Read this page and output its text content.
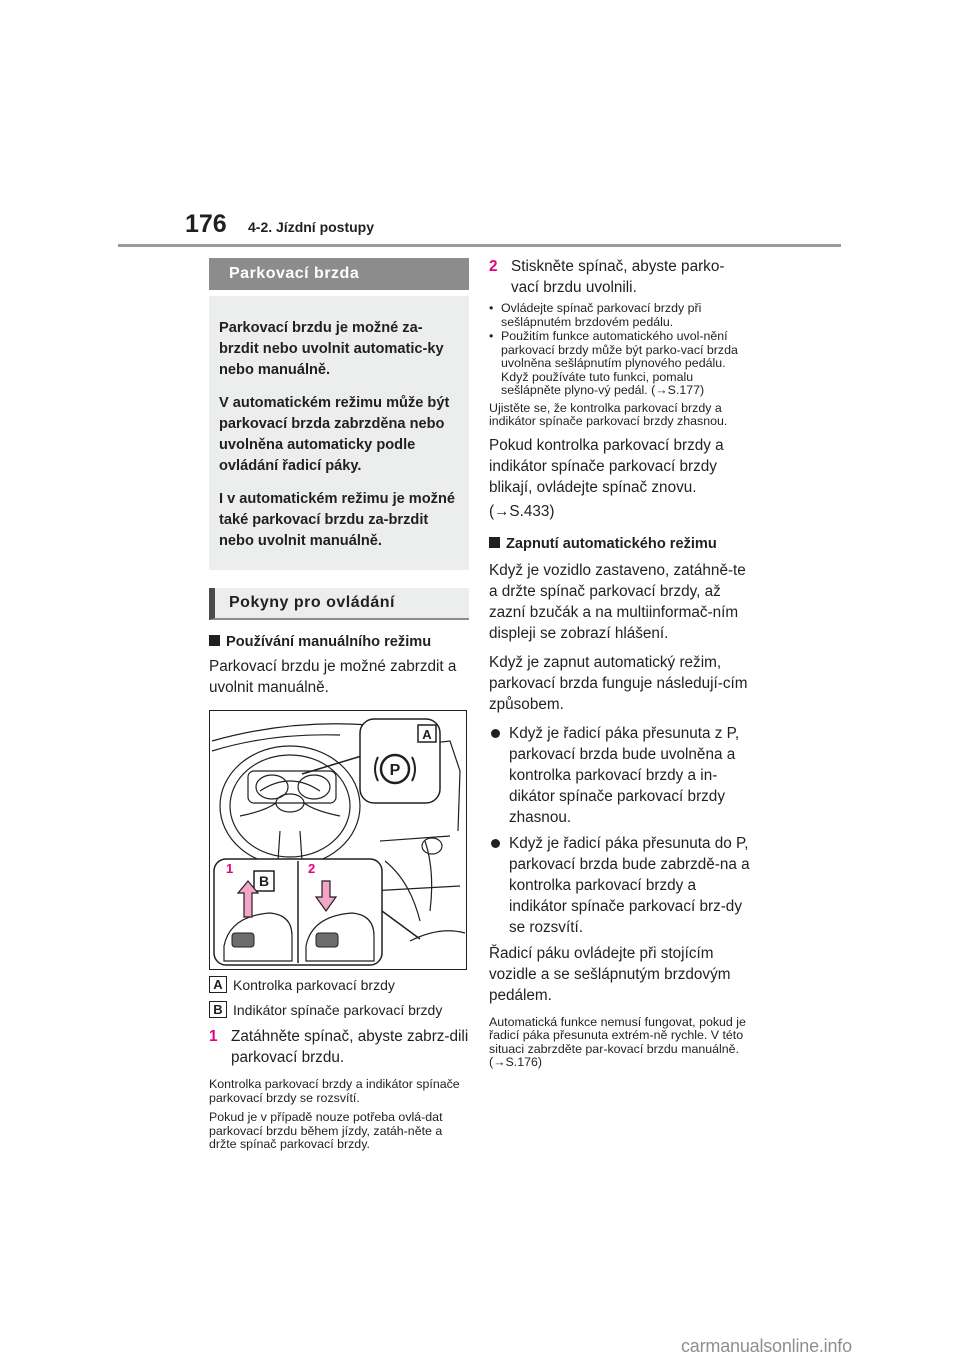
176 4-2. Jízdní postupy
Parkovací brzda

Parkovací brzdu je možné za-brzdit nebo uvolnit automatic-ky nebo manuálně.

V automatickém režimu může být parkovací brzda zabrzděna nebo uvolněna automaticky podle ovládání řadicí páky.

I v automatickém režimu je možné také parkovací brzdu za-brzdit nebo uvolnit manuálně.

Pokyny pro ovládání
Používání manuálního režimu
Parkovací brzdu je možné zabrzdit a uvolnit manuálně.
A
P
1	2
B
A Kontrolka parkovací brzdy
B Indikátor spínače parkovací brzdy
1 Zatáhněte spínač, abyste zabrz-dili parkovací brzdu.
Kontrolka parkovací brzdy a indikátor spínače parkovací brzdy se rozsvítí.
Pokud je v případě nouze potřeba ovlá-dat parkovací brzdu během jízdy, zatáh-něte a držte spínač parkovací brzdy.
2 Stiskněte spínač, abyste parko-vací brzdu uvolnili.
• Ovládejte spínač parkovací brzdy při sešlápnutém brzdovém pedálu.
• Použitím funkce automatického uvol-nění parkovací brzdy může být parko-vací brzda uvolněna sešlápnutím plynového pedálu. Když používáte tuto funkci, pomalu sešlápněte plyno-vý pedál. (→S.177)
Ujistěte se, že kontrolka parkovací brzdy a indikátor spínače parkovací brzdy zhasnou.
Pokud kontrolka parkovací brzdy a indikátor spínače parkovací brzdy blikají, ovládejte spínač znovu.
(→S.433)
Zapnutí automatického režimu
Když je vozidlo zastaveno, zatáhně-te a držte spínač parkovací brzdy, až zazní bzučák a na multiinformač-ním displeji se zobrazí hlášení.
Když je zapnut automatický režim, parkovací brzda funguje následují-cím způsobem.
Když je řadicí páka přesunuta z P, parkovací brzda bude uvolněna a kontrolka parkovací brzdy a in-dikátor spínače parkovací brzdy zhasnou.
Když je řadicí páka přesunuta do P, parkovací brzda bude zabrzdě-na a kontrolka parkovací brzdy a indikátor spínače parkovací brz-dy se rozsvítí.
Řadicí páku ovládejte při stojícím vozidle a se sešlápnutým brzdovým pedálem.
Automatická funkce nemusí fungovat, pokud je řadicí páka přesunuta extrém-ně rychle. V této situaci zabrzděte par-kovací brzdu manuálně. (→S.176)
carmanualsonline.info
